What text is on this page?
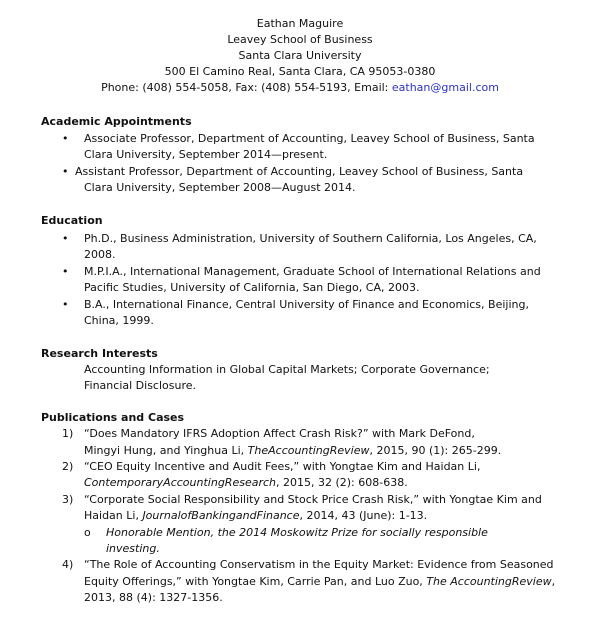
Eathan Maguire
Leavey School of Business
Santa Clara University
500 El Camino Real, Santa Clara, CA 95053-0380
Phone: (408) 554-5058, Fax: (408) 554-5193, Email: eathan@gmail.com
Academic Appointments
• Associate Professor, Department of Accounting, Leavey School of Business, Santa
Clara University, September 2014—present.
• Assistant Professor, Department of Accounting, Leavey School of Business, Santa
Clara University, September 2008—August 2014.
Education
• Ph.D., Business Administration, University of Southern California, Los Angeles, CA,
2008.
• M.P.I.A., International Management, Graduate School of International Relations and
Pacific Studies, University of California, San Diego, CA, 2003.
• B.A., International Finance, Central University of Finance and Economics, Beijing,
China, 1999.
Research Interests
Accounting Information in Global Capital Markets; Corporate Governance;
Financial Disclosure.
Publications and Cases
1) “Does Mandatory IFRS Adoption Affect Crash Risk?” with Mark DeFond,
Mingyi Hung, and Yinghua Li, TheAccountingReview, 2015, 90 (1): 265-299.
2) “CEO Equity Incentive and Audit Fees,” with Yongtae Kim and Haidan Li,
ContemporaryAccountingResearch, 2015, 32 (2): 608-638.
3) “Corporate Social Responsibility and Stock Price Crash Risk,” with Yongtae Kim and
Haidan Li, JournalofBankingandFinance, 2014, 43 (June): 1-13.
o Honorable Mention, the 2014 Moskowitz Prize for socially responsible
investing.
4) “The Role of Accounting Conservatism in the Equity Market: Evidence from Seasoned
Equity Offerings,” with Yongtae Kim, Carrie Pan, and Luo Zuo, The AccountingReview,
2013, 88 (4): 1327-1356.
